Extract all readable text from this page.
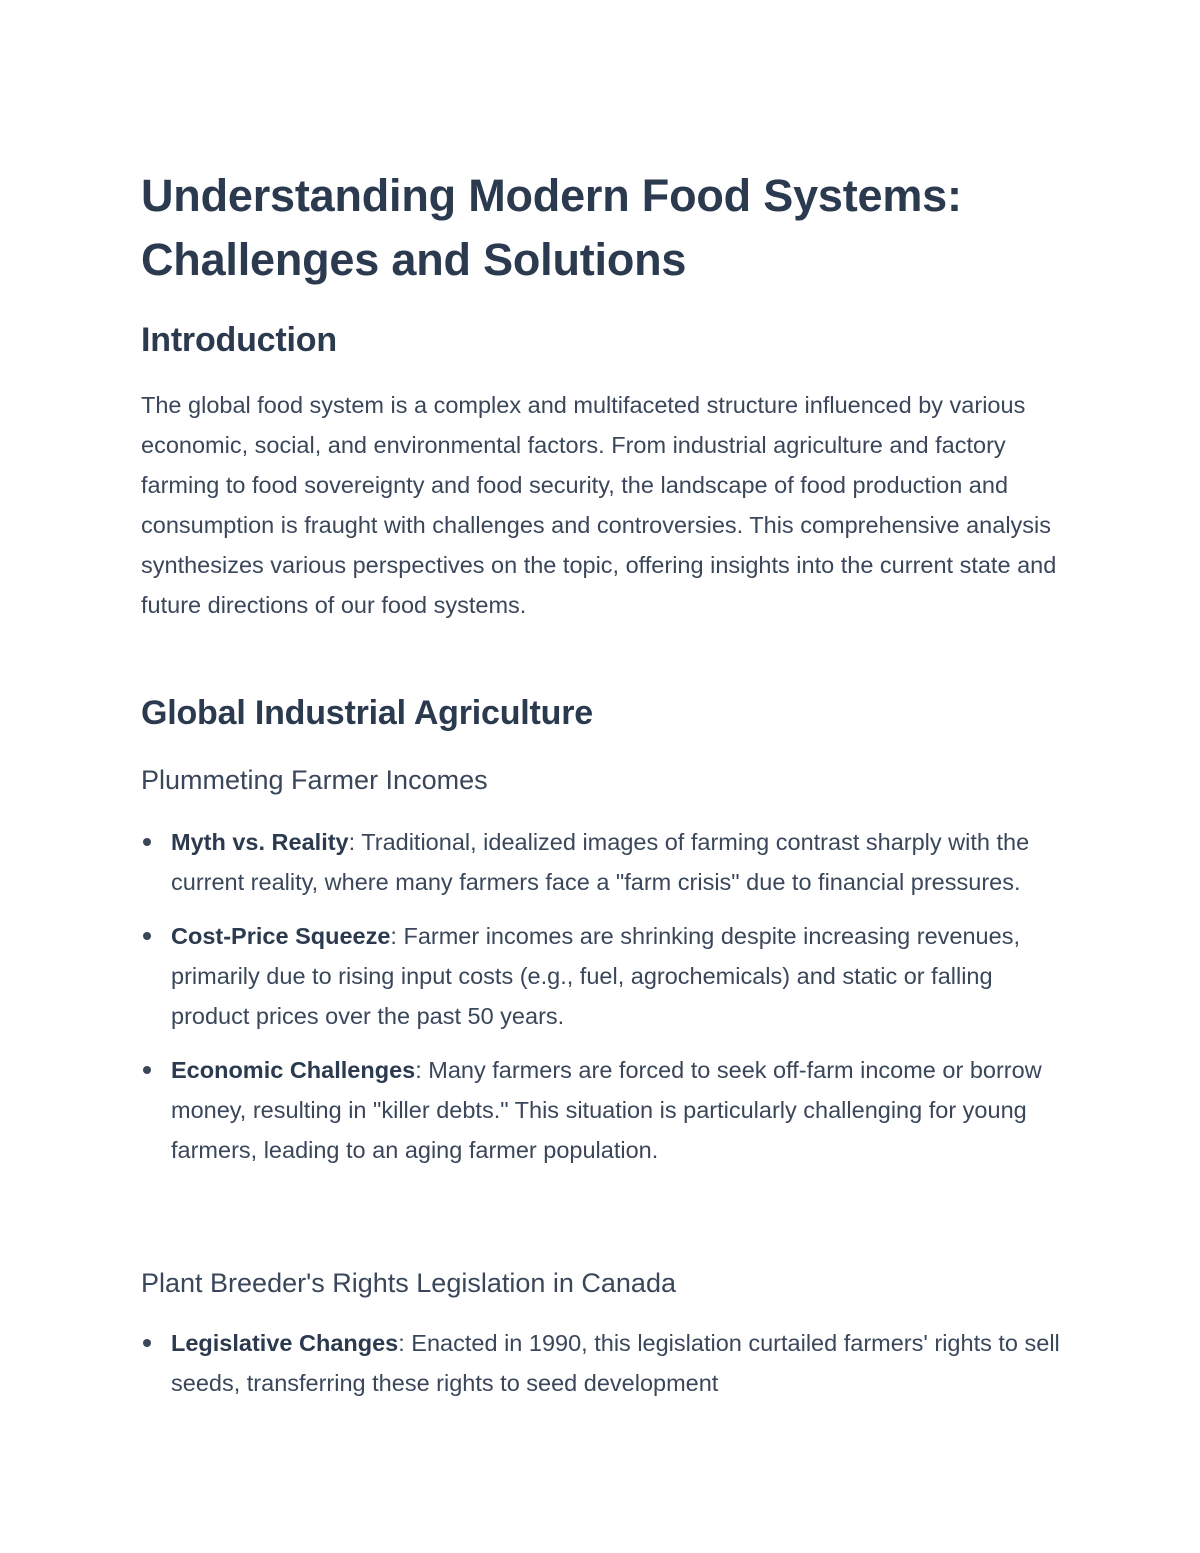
Understanding Modern Food Systems: Challenges and Solutions
Introduction

The global food system is a complex and multifaceted structure influenced by various economic, social, and environmental factors. From industrial agriculture and factory farming to food sovereignty and food security, the landscape of food production and consumption is fraught with challenges and controversies. This comprehensive analysis synthesizes various perspectives on the topic, offering insights into the current state and future directions of our food systems.

Global Industrial Agriculture
Plummeting Farmer Incomes
Myth vs. Reality: Traditional, idealized images of farming contrast sharply with the current reality, where many farmers face a "farm crisis" due to financial pressures.
Cost-Price Squeeze: Farmer incomes are shrinking despite increasing revenues, primarily due to rising input costs (e.g., fuel, agrochemicals) and static or falling product prices over the past 50 years.
Economic Challenges: Many farmers are forced to seek off-farm income or borrow money, resulting in "killer debts." This situation is particularly challenging for young farmers, leading to an aging farmer population.
Plant Breeder's Rights Legislation in Canada
Legislative Changes: Enacted in 1990, this legislation curtailed farmers' rights to sell seeds, transferring these rights to seed development
